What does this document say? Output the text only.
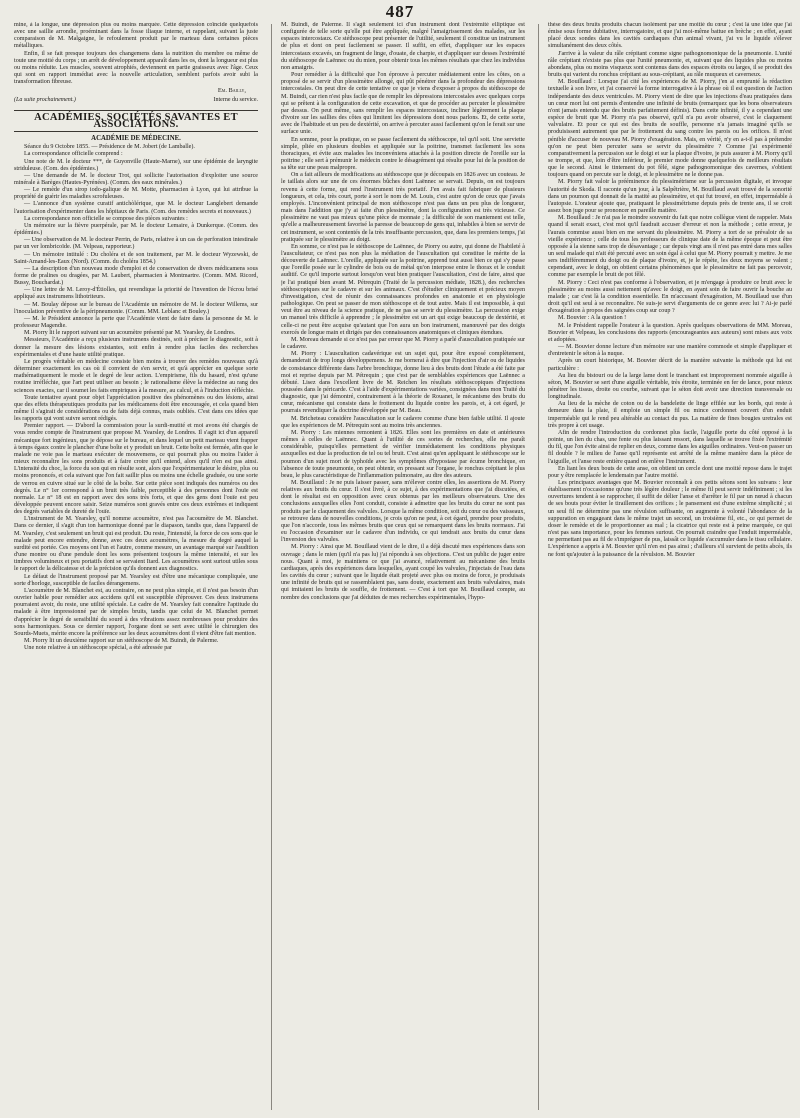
487

mine, à la longue, une dépression plus ou moins marquée. Cette dépression coïncide quelquefois avec une saillie arrondie, proéminant dans la fosse iliaque interne, et rappelant, suivant la juste comparaison de M. Malgaigne, le refoulement produit par le marteau dans certaines pièces métalliques.

Enfin, il se fait presque toujours des changemens dans la nutrition du membre ou même de toute une moitié du corps ; un arrêt de développement apparaît dans les os, dont la longueur est plus ou moins réduite. Les muscles, souvent atrophiés, deviennent en partie graisseux avec l'âge. Ceux qui sont en rapport immédiat avec la nouvelle articulation, semblent parfois avoir subi la transformation fibreuse.

Em. Bailly,
(La suite prochainement.)	Interne du service.
ACADÉMIES, SOCIÉTÉS SAVANTES ET ASSOCIATIONS.
ACADÉMIE DE MÉDECINE.

Séance du 9 Octobre 1855. — Présidence de M. Jobert (de Lamballe).

La correspondance officielle comprend :

Une note de M. le docteur ***, de Guyonville (Haute-Marne), sur une épidémie de laryngite striduleuse. (Com. des épidémies.)

— Une demande de M. le docteur Trot, qui sollicite l'autorisation d'exploiter une source minérale à Barèges (Hautes-Pyrénées). (Comm. des eaux minérales.)

— Le remède d'un sirop iodo-galique de M. Motte, pharmacien à Lyon, qui lui attribue la propriété de guérir les maladies scrofuleuses.

— L'annonce d'un système curatif antichòlérique, que M. le docteur Langlebert demande l'autorisation d'expérimenter dans les hôpitaux de Paris. (Com. des remèdes secrets et nouveaux.)

La correspondance non officielle se compose des pièces suivantes :

Un mémoire sur la fièvre puerpérale, par M. le docteur Lemaire, à Dunkerque. (Comm. des épidémies.)

— Une observation de M. le docteur Perrin, de Paris, relative à un cas de perforation intestinale par un ver lombricoïde. (M. Velpeau, rapporteur.)

— Un mémoire intitulé : Du choléra et de son traitement, par M. le docteur Wyzewski, de Saint-Amand-les-Eaux (Nord). (Comm. du choléra 1854.)

— La description d'un nouveau mode d'emploi et de conservation de divers médicamens sous forme de pralines ou dragées, par M. Laubert, pharmacien à Montmartre. (Comm. MM. Ricord, Bussy, Bouchardat.)

— Une lettre de M. Leroy-d'Étiolles, qui revendique la priorité de l'invention de l'écrou brisé appliqué aux instrumens lithotriteurs.

— M. Boulay dépose sur le bureau de l'Académie un mémoire de M. le docteur Willems, sur l'inoculation préventive de la péripneumonie. (Comm. MM. Leblanc et Bouley.)

— M. le Président annonce la perte que l'Académie vient de faire dans la personne de M. le professeur Magendie.

M. Piorry lit le rapport suivant sur un acoumètre présenté par M. Yearsley, de Londres.

Messieurs, l'Académie a reçu plusieurs instrumens destinés, soit à préciser le diagnostic, soit à donner la mesure des lésions existantes, soit enfin à rendre plus faciles des recherches expérimentales et d'une haute utilité pratique.

Le progrès véritable en médecine consiste bien moins à trouver des remèdes nouveaux qu'à déterminer exactement les cas où il convient de s'en servir, et qu'à apprécier en quelque sorte mathématiquement le mode et le degré de leur action. L'empirisme, fils du hasard, n'est qu'une routine irréfléchie, que l'art peut utiliser au besoin ; le rationalisme élève la médecine au rang des sciences exactes, car il soumet les faits empiriques à la mesure, au calcul, et à l'induction réfléchie.

Toute tentative ayant pour objet l'appréciation positive des phénomènes ou des lésions, ainsi que des effets thérapeutiques produits par les médicamens doit être encouragée, et cela quand bien même il s'agirait de considérations ou de faits déjà connus, mais oubliés. C'est dans ces idées que les rapports qui vont suivre seront rédigés.

Premier rapport. — D'abord la commission pour la surdi-mutité et moi avons été chargés de vous rendre compte de l'instrument que propose M. Yearsley, de Londres. Il s'agit ici d'un appareil mécanique fort ingénieux, que je dépose sur le bureau, et dans lequel un petit marteau vient frapper à temps égaux contre le plancher d'une boîte et y produit un bruit. Cette boîte est fermée, afin que le malade ne voie pas le marteau exécuter de mouvemens, ce qui pourrait plus ou moins l'aider à mieux reconnaître les sons produits et à faire croire qu'il entend, alors qu'il n'en est pas ainsi. L'intensité du choc, la force du son qui en résulte sont, alors que l'expérimentateur le désire, plus ou moins prononcés, et cela suivant que l'on fait saillir plus ou moins une échelle graduée, ou une sorte de verrou en cuivre situé sur le côté de la boîte. Sur cette pièce sont indiqués des numéros ou des degrés. Le n° 1er correspond à un bruit très faible, perceptible à des personnes dont l'ouïe est normale. Le n° 18 est en rapport avec des sons très forts, et que des gens dont l'ouïe est peu développée peuvent encore saisir. Seize numéros sont gravés entre ces deux extrêmes et indiquent des degrés variables de dureté de l'ouïe.

L'instrument de M. Yearsley, qu'il nomme acoumètre, n'est pas l'acoumètre de M. Blanchet. Dans ce dernier, il s'agit d'un ton harmonique donné par le diapason, tandis que, dans l'appareil de M. Yearsley, c'est seulement un bruit qui est produit. Du reste, l'intensité, la force de ces sons que le malade peut encore entendre, donne, avec ces deux acoumètres, la mesure du degré auquel la surdité est portée. Ces moyens ont l'un et l'autre, comme mesure, un avantage marqué sur l'audition d'une montre ou d'une pendule dont les sons présentent toujours la même intensité, et sur les timbres volumineux et peu portatifs dont se servaient Itard. Les acoumètres sont surtout utiles sous le rapport de la délicatesse et de la précision qu'ils donnent aux diagnostics.

Le défaut de l'instrument proposé par M. Yearsley est d'être une mécanique compliquée, une sorte d'horloge, susceptible de faciles dérangemens.

L'acoumètre de M. Blanchet est, au contraire, on ne peut plus simple, et il n'est pas besoin d'un ouvrier habile pour remédier aux accidens qu'il est susceptible d'éprouver. Ces deux instrumens pourraient avoir, du reste, une utilité spéciale. Le cadre de M. Yearsley fait connaître l'aptitude du malade à être impressionné par de simples bruits, tandis que celui de M. Blanchet permet d'apprécier le degré de sensibilité du sourd à des vibrations assez nombreuses pour produire des sons harmoniques. Sous ce dernier rapport, l'organe dont se sert avec utilité le chirurgien des Sourds-Muets, mérite encore la préférence sur les deux acoumètres dont il vient d'être fait mention.

M. Piorry lit un deuxième rapport sur un stéthoscope de M. Buindi, de Palerme.

Une note relative à un stéthoscope spécial, a été adressée par

M. Buindi, de Palerme. Il s'agit seulement ici d'un instrument dont l'extrémité elliptique est configurée de telle sorte qu'elle put être appliquée, malgré l'amaigrissement des malades, sur les espaces intercostaux. Ce stéthoscope peut présenter de l'utilité, seulement il constitue un instrument de plus et dont on peut facilement se passer. Il suffit, en effet, d'appliquer sur les espaces intercostaux excavés, un fragment de linge, d'ouate, de charpie, et d'appliquer sur desses l'extrémité du stéthoscope de Laënnec ou du mien, pour obtenir tous les mêmes résultats que chez les individus non amaigris.

Pour remédier à la difficulté que l'on éprouve à percuter médiatement entre les côtes, on a proposé de se servir d'un plessimètre allongé, qui pût pénétrer dans la profondeur des dépressions intercostales. On peut dire de cette tentative ce que je viens d'exposer à propos du stéthoscope de M. Buindi, car rien n'est plus facile que de remplir les dépressions intercostales avec quelques corps qui se prêtent à la configuration de cette excavation, et que de procéder au percuter le plessimètre par dessus. On peut même, sans remplir les espaces intercostaux, incliner légèrement la plaque d'ivoire sur les saillies des côtes qui limitent les dépressions dont nous parlons. Et, de cette sorte, avec de l'habitude et un peu de dextérité, on arrive à percuter aussi facilement qu'on le ferait sur une surface unie.

En somme, pour la pratique, on se passe facilement du stéthoscope, tel qu'il soit. Une serviette simple, pliée en plusieurs doubles et appliquée sur la poitrine, transmet facilement les sons thoraciques, et évite aux malades les inconvéniens attachés à la position directe de l'oreille sur la poitrine ; elle sert à prémunir le médecin contre le désagrément qui résulte pour lui de la position de sa tête sur une peau malpropre.

On a fait ailleurs de modifications au stéthoscope que je découpais en 1826 avec un couteau. Je le taillais alors sur une de ces énormes bûches dont Laënnec se servait. Depuis, on est toujours revenu à cette forme, qui rend l'instrument très portatif. J'en avais fait fabriquer de plusieurs longueurs, et cela, très court, porte à sort le nom de M. Louis, c'est autre qu'on de ceux que j'avais employés. L'inconvénient principal de mon stéthoscope n'est pas dans un peu plus de longueur, mais dans l'addition que j'y ai faite d'un plessimètre, dont la configuration est très vicieuse. Ce plessimètre ne vaut pas mieux qu'une pièce de monnaie ; la difficulté de son maniement est telle, qu'elle a malheureusement favorisé la paresse de beaucoup de gens qui, inhabiles à bien se servir de cet instrument, se sont contentés de la très insuffisante percussion, que, dans les premiers temps, j'ai pratiquée sur le plessimètre au doigt.

En somme, ce n'est pas le stéthoscope de Laënnec, de Piorry ou autre, qui donne de l'habileté à l'auscultateur, ce n'est pas non plus la médiation de l'auscultation qui constitue le mérite de la découverte de Laënnec. L'oreille, appliquée sur la poitrine, apprend tout aussi bien ce qui s'y passe que l'oreille posée sur le cylindre de bois ou de métal qu'on interpose entre le thorax et le conduit auditif. Ce qu'il importe surtout lorsqu'on veut bien pratiquer l'auscultation, c'est de faire, ainsi que je l'ai pratiqué bien avant M. Pétrequin (Traité de la percussion médiate, 1828.), des recherches stéthoscopiques sur le cadavre et sur les animaux. C'est d'étudier cliniquement et précieux moyen d'investigation, c'est de réunir des connaissances profondes en anatomie et en physiologie pathologique. On peut se passer de mon stéthoscope et de tout autre. Mais il est impossible, à qui veut être au niveau de la science pratique, de ne pas se servir du plessimètre. La percussion exige un manuel très difficile à apprendre ; le plessimètre est un art qui exige beaucoup de dextérité, et celle-ci ne peut être acquise qu'autant que l'on aura un bon instrument, manœuvré par des doigts exercés de longue main et dirigés par des connaissances anatomiques et cliniques étendues.

M. Moreau demande si ce n'est pas par erreur que M. Piorry a parlé d'auscultation pratiquée sur le cadavre.

M. Piorry : L'auscultation cadavérique est un sujet qui, pour être exposé complètement, demanderait de trop longs développemens. Je me bornerai à dire que l'injection d'air ou de liquides de consistance différente dans l'arbre bronchique, donne lieu à des bruits dont l'étude a été faite par moi et reprise depuis par M. Pétrequin ; que c'est par de semblables expériences que Laënnec a débuté. Lisez dans l'excellent livre de M. Reichen les résultats stéthoscopiques d'injections poussées dans le péricarde. C'est à l'aide d'expérimentations variées, consignées dans mon Traité du diagnostic, que j'ai démontré, contrairement à la théorie de Rouanet, le mécanisme des bruits du cœur, mécanisme qui consiste dans le frottement du liquide contre les parois, et, à cet égard, je pourrais revendiquer la doctrine développée par M. Beau.

M. Bricheteau considère l'auscultation sur le cadavre comme d'une bien faible utilité. Il ajoute que les expériences de M. Pétrequin sont au moins très anciennes.

M. Piorry : Les miennes remontent à 1826. Elles sont les premières en date et antérieures mêmes à celles de Laënnec. Quant à l'utilité de ces sortes de recherches, elle me paraît considérable, puisqu'elles permettent de vérifier immédiatement les conditions physiques auxquelles est due la production de tel ou tel bruit. C'est ainsi qu'en appliquant le stéthoscope sur le poumon d'un sujet mort de typhoïde avec les symptômes d'hypostase par écume bronchique, en l'absence de toute pneumonie, on peut obtenir, en pressant sur l'organe, le ronchus crépitant le plus beau, le plus caractéristique de l'inflammation pulmonaire, au dire des auteurs.

M. Bouillaud : Je ne puis laisser passer, sans m'élever contre elles, les assertions de M. Piorry relatives aux bruits du cœur. Il s'est livré, à ce sujet, à des expérimentations que j'ai discutées, et dont le résultat est en opposition avec ceux obtenus par les meilleurs observateurs. Une des conclusions auxquelles elles l'ont conduit, consiste à admettre que les bruits du cœur ne sont pas produits par le claquement des valvules. Lorsque la même condition, soit du cœur ou des vaisseaux, se retrouve dans de nouvelles conditions, je crois qu'on ne peut, à cet égard, prendre pour produits, que l'on n'accorde, tous les mêmes bruits que ceux qui se remarquent dans les bruits normaux. J'ai eu l'occasion d'examiner sur le cadavre d'un individu, ce qui tendrait aux bruits du cœur dans l'inversion des valvules.

M. Piorry : Ainsi que M. Bouillaud vient de le dire, il a déjà discuté mes expériences dans son ouvrage ; dans le mien (qu'il n'a pas lu) j'ai répondu à ses objections. C'est un public de juger entre nous. Quant à moi, je maintiens ce que j'ai avancé, relativement au mécanisme des bruits cardiaques, après des expériences dans lesquelles, ayant coupé les valvules, j'injectais de l'eau dans les cavités du cœur ; suivant que le liquide était projeté avec plus ou moins de force, je produisais une infinité de bruits qui se rassemblaient pas, sans doute, exactement aux bruits valvulaires, mais qui imitaient les bruits de souffle, de frottement. — C'est à tort que M. Bouillaud compte, au nombre des conclusions que j'ai déduites de mes recherches expérimentales, l'hypo-

thèse des deux bruits produits chacun isolément par une moitié du cœur ; c'est là une idée que j'ai émise sous forme dubitative, interrogatoire, et que j'ai moi-même battue en brèche ; en effet, ayant placé deux sondes dans les cavités cardiaques d'un animal vivant, j'ai vu le liquide s'élever simultanément des deux côtés.

J'arrive à la valeur du râle crépitant comme signe pathognomonique de la pneumonie. L'unité râle crépitant n'existe pas plus que l'unité pneumonie, et, suivant que des liquides plus ou moins abondans, plus ou moins visqueux sont contenus dans des espaces étroits ou larges, il se produit des bruits qui varient du ronchus crépitant au sous-crépitant, au râle muqueux et caverneux.

M. Bouillaud : Lorsque j'ai cité les expériences de M. Piorry, j'en ai emprunté la rédaction textuelle à son livre, et j'ai conservé la forme interrogative à la phrase où il est question de l'action indépendante des deux ventricules. M. Piorry vient de dire que les injections d'eau pratiquées dans un cœur mort lui ont permis d'entendre une infinité de bruits (remarquez que les bons observateurs n'ont jamais entendu que des bruits parfaitement définis). Dans cette infinité, il y a cependant une espèce de bruit que M. Piorry n'a pas observé, qu'il n'a pu avoir observé, c'est le claquement valvulaire. Et pour ce qui est des bruits de souffle, personne n'a jamais imaginé qu'ils se produisissent autrement que par le frottement du sang contre les parois ou les orifices. Il m'est pénible d'accuser de nouveau M. Piorry d'exagération. Mais, en vérité, n'y en a-t-il pas à prétendre qu'on ne peut bien percuter sans se servir du plessimètre ? Comme j'ai expérimenté comparativement la percussion sur le doigt et sur la plaque d'ivoire, je puis assurer à M. Piorry qu'il se trompe, et que, loin d'être inférieur, le premier mode donne quelquefois de meilleurs résultats que le second. Ainsi le tintement du pot fêlé, signe pathognomonique des cavernes, s'obtient toujours quand on percute sur le doigt, et le plessimètre ne le donne pas.

M. Piorry fait valoir la prééminence du plessimétrisme sur la percussion digitale, et invoque l'autorité de Skoda. Il raconte qu'un jour, à la Salpêtrière, M. Bouillaud avait trouvé de la sonorité dans un poumon qui donnait de la matité au plessimètre, et qui fut trouvé, en effet, imperméable à l'autopsie. L'orateur ajoute que, pratiquant le plessimétrisme depuis près de trente ans, il se croit assez bon juge pour se prononcer en pareille matière.

M. Bouillaud : Je n'ai pas le moindre souvenir du fait que notre collègue vient de rappeler. Mais quand il serait exact, c'est moi qu'il faudrait accuser d'erreur et non la méthode ; cette erreur, je l'aurais commise aussi bien en me servant du plessimètre. M. Piorry a tort de se prévaloir de sa vieille expérience ; celle de tous les professeurs de clinique date de la même époque et peut être opposée à la sienne sans trop de désavantage ; car depuis vingt ans il n'est pas entré dans mes salles un seul malade qui n'ait été percuté avec un soin égal à celui que M. Piorry pourrait y mettre. Je me sers indifféremment du doigt ou de plaque d'ivoire, et, je le répète, les deux moyens se valent ; cependant, avec le doigt, on obtient certains phénomènes que le plessimètre ne fait pas percevoir, comme par exemple le bruit de pot fêlé.

M. Piorry : Ceci n'est pas conforme à l'observation, et je m'engage à produire ce bruit avec le plessimètre au moins aussi nettement qu'avec le doigt, en ayant soin de faire ouvrir la bouche au malade ; car c'est là la condition essentielle. En m'accusant d'exagération, M. Bouillaud use d'un droit qu'il est seul à se reconnaître. Ne suis-je servi d'arguments de ce genre avec lui ? Ai-je parlé d'exagération à propos des saignées coup sur coup ?

M. Bouvier : A la question !

M. le Président rappelle l'orateur à la question. Après quelques observations de MM. Moreau, Bouvier et Velpeau, les conclusions des rapports (encourageantes aux auteurs) sont mises aux voix et adoptées.

— M. Bouvier donne lecture d'un mémoire sur une manière commode et simple d'appliquer et d'entretenir le séton à la nuque.

Après un court historique, M. Bouvier décrit de la manière suivante la méthode qui lui est particulière :

Au lieu du bistouri ou de la large lame dont le tranchant est improprement nommée aiguille à séton, M. Bouvier se sert d'une aiguille véritable, très étroite, terminée en fer de lance, pour mieux pénétrer les tissus, droite ou courbe, suivant que le séton doit avoir une direction transversale ou longitudinale.

Au lieu de la mèche de coton ou de la bandelette de linge effilée sur les bords, qui reste à demeure dans la plaie, il emploie un simple fil ou mince cordonnet couvert d'un enduit imperméable qui le rend peu altérable au contact du pus. La matière de fines bougies uretrales est très propre à cet usage.

Afin de rendre l'introduction du cordonnet plus facile, l'aiguille porte du côté opposé à la pointe, un lien du chas, une fente ou plus laissant ressort, dans laquelle se trouve fixée l'extrémité du fil, que l'on évite ainsi de replier en deux, comme dans les aiguilles ordinaires. Veut-on passer un fil double ? le milieu de l'anse qu'il représente est arrêté de la même manière dans la pièce de l'aiguille, et l'anse reste entière quand on enlève l'instrument.

En liant les deux bouts de cette anse, on obtient un cercle dont une moitié repose dans le trajet pour y être remplacée le lendemain par l'autre moitié.

Les principaux avantages que M. Bouvier reconnaît à ces petits sétons sont les suivans : leur établissement n'occasionne qu'une très légère douleur ; le même fil peut servir indéfiniment ; si les ouvertures tendent à se rapprocher, il suffit de délier l'anse et d'arrêter le fil par un nœud à chacun de ses bouts pour éviter le tiraillement des orifices ; le pansement est d'une extrême simplicité ; si un seul fil ne détermine pas une révulsion suffisante, on augmente à volonté l'abondance de la suppuration en engageant dans le même trajet un second, un troisième fil, etc., ce qui permet de doser le remède et de le proportionner au mal ; la cicatrice qui reste est à peine marquée, ce qui n'est pas sans importance, pour les femmes surtout. On pourrait craindre que l'enduit imperméable, ne permettant pas au fil de s'imprégner de pus, laissât ce liquide s'accumuler dans le tissu cellulaire. L'expérience a appris à M. Bouvier qu'il n'en est pas ainsi ; d'ailleurs s'il survient de petits abcès, ils ne font qu'ajouter à la puissance de la révulsion. M. Bouvier
